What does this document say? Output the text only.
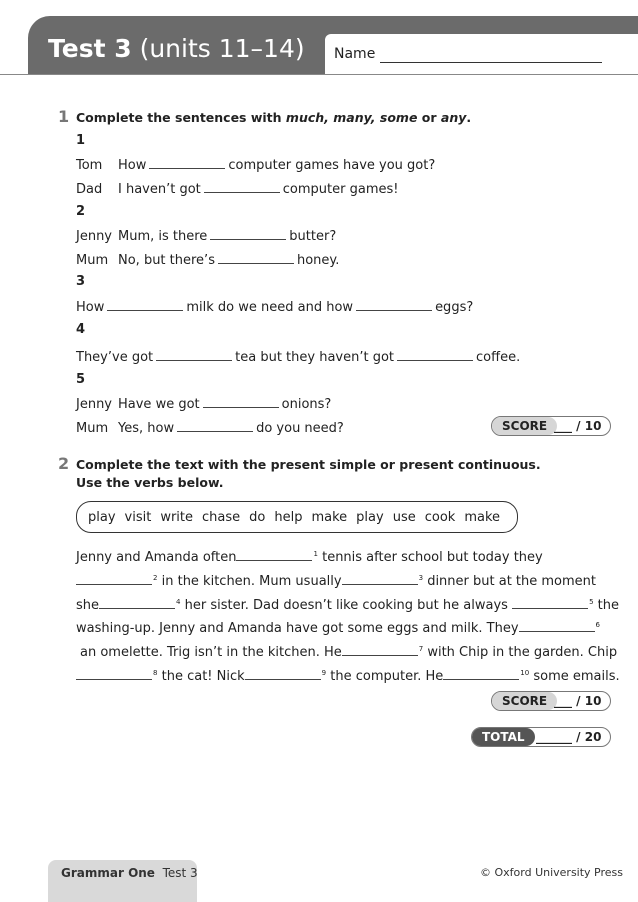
Test 3 (units 11–14) Name
1 Complete the sentences with much, many, some or any.
1
Tom How	computer games have you got?
Dad I haven’t got	computer games!
2
Jenny Mum, is there	butter?
Mum No, but there’s	honey.
3
How	milk do we need and how	eggs?
4
They’ve got	tea but they haven’t got	coffee.
5
Jenny Have we got	onions?
Mum Yes, how	do you need?	SCORE ___ / 10
2 Complete the text with the present simple or present continuous.
Use the verbs below.
play visit write chase do help make play use cook make
Jenny and Amanda often	$^1$ tennis after school but today they
$^2$ in the kitchen. Mum usually	$^3$ dinner but at the moment
she	$^4$ her sister. Dad doesn’t like cooking but he always	$^5$ the
washing-up. Jenny and Amanda have got some eggs and milk. They	$^6$
an omelette. Trig isn’t in the kitchen. He	$^7$ with Chip in the garden. Chip
$^8$ the cat! Nick	$^9$ the computer. He	$^{10}$ some emails.
SCORE ___ / 10
TOTAL ______ / 20
Grammar One Test 3	© Oxford University Press
